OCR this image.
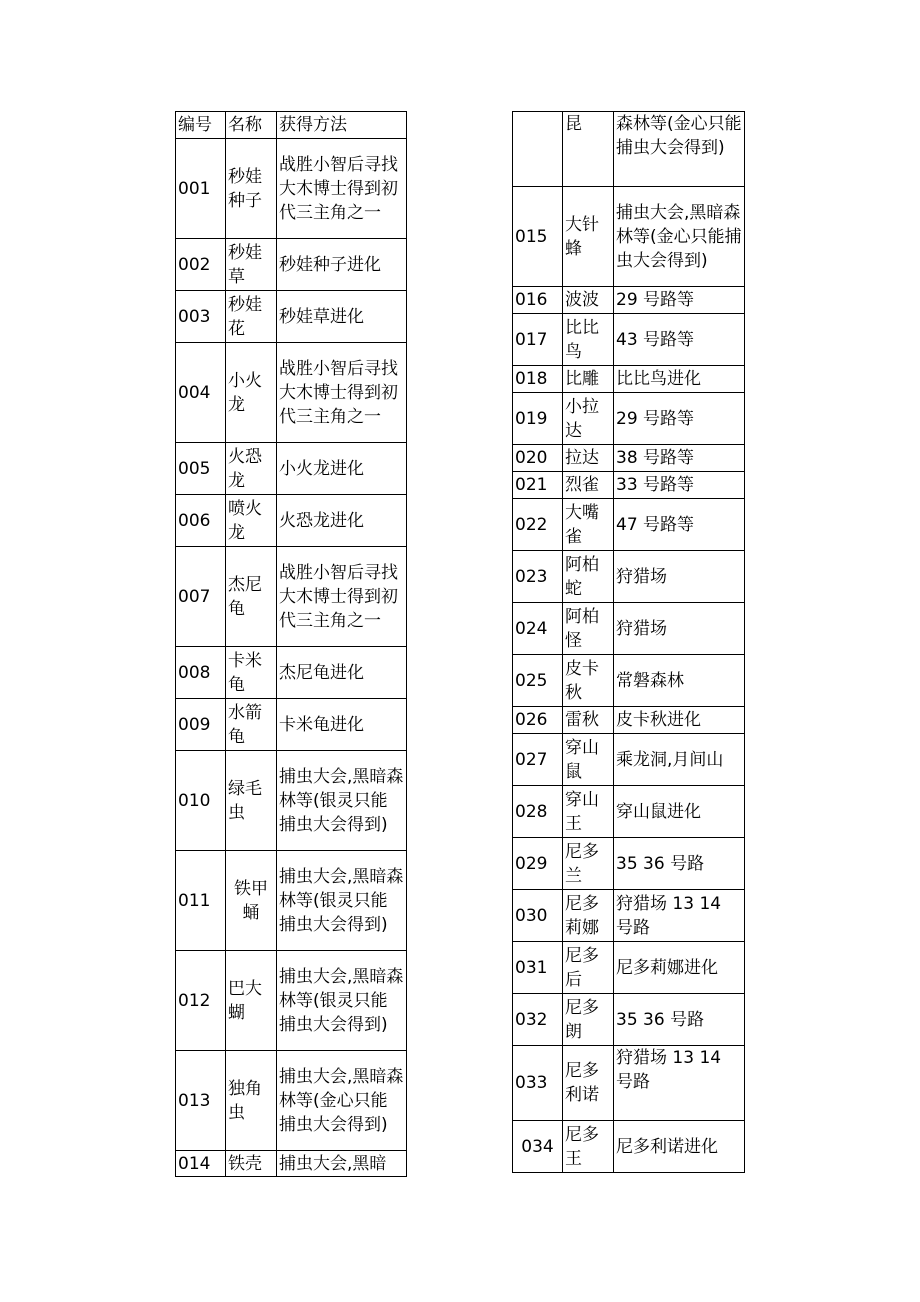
编号	名称	获得方法
001	秒娃种子	战胜小智后寻找大木博士得到初代三主角之一
002	秒娃草	秒娃种子进化
003	秒娃花	秒娃草进化
004	小火龙	战胜小智后寻找大木博士得到初代三主角之一
005	火恐龙	小火龙进化
006	喷火龙	火恐龙进化
007	杰尼龟	战胜小智后寻找大木博士得到初代三主角之一
008	卡米龟	杰尼龟进化
009	水箭龟	卡米龟进化
010	绿毛虫	捕虫大会,黑暗森林等(银灵只能捕虫大会得到)
011	铁甲蛹	捕虫大会,黑暗森林等(银灵只能捕虫大会得到)
012	巴大蝴	捕虫大会,黑暗森林等(银灵只能捕虫大会得到)
013	独角虫	捕虫大会,黑暗森林等(金心只能捕虫大会得到)
014	铁壳	捕虫大会,黑暗
	昆	森林等(金心只能捕虫大会得到)
015	大针蜂	捕虫大会,黑暗森林等(金心只能捕虫大会得到)
016	波波	29 号路等
017	比比鸟	43 号路等
018	比雕	比比鸟进化
019	小拉达	29 号路等
020	拉达	38 号路等
021	烈雀	33 号路等
022	大嘴雀	47 号路等
023	阿柏蛇	狩猎场
024	阿柏怪	狩猎场
025	皮卡秋	常磐森林
026	雷秋	皮卡秋进化
027	穿山鼠	乘龙洞,月间山
028	穿山王	穿山鼠进化
029	尼多兰	35 36 号路
030	尼多莉娜	狩猎场 13 14 号路
031	尼多后	尼多莉娜进化
032	尼多朗	35 36 号路
033	尼多利诺	狩猎场 13 14 号路
034	尼多王	尼多利诺进化
